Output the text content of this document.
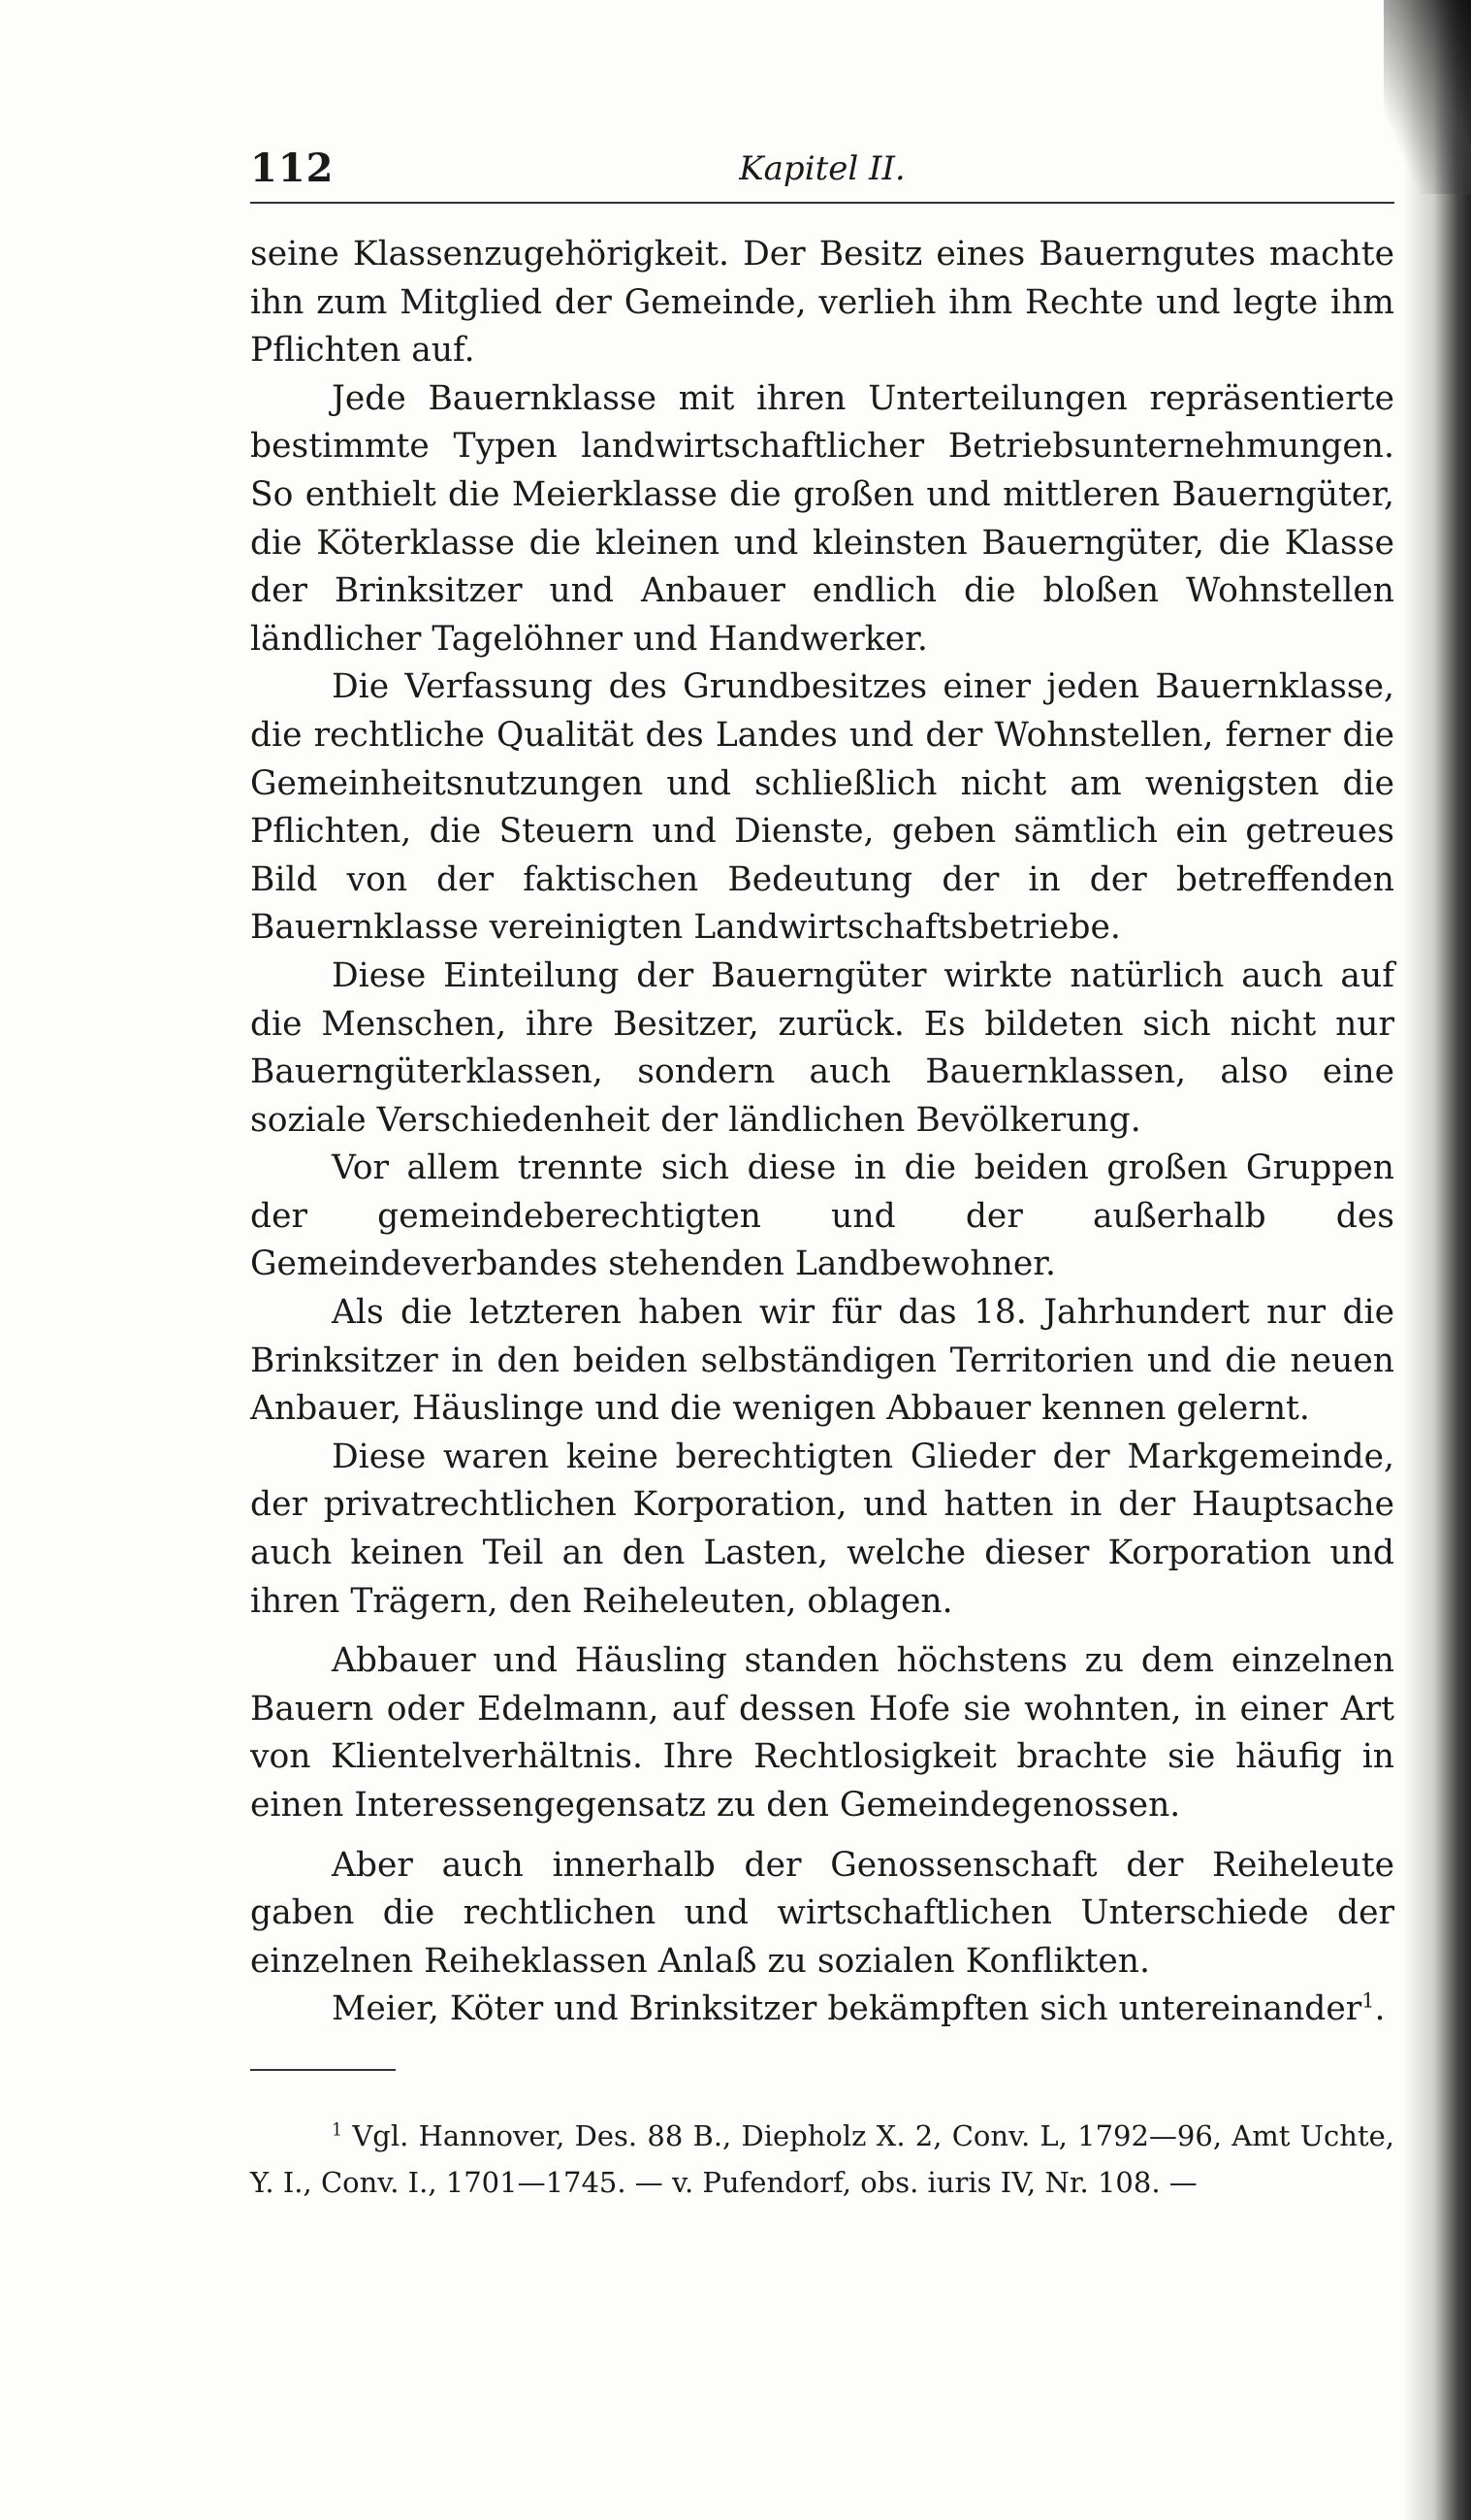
112	Kapitel II.

seine Klassenzugehörigkeit. Der Besitz eines Bauerngutes machte ihn zum Mitglied der Gemeinde, verlieh ihm Rechte und legte ihm Pflichten auf.

Jede Bauernklasse mit ihren Unterteilungen repräsentierte bestimmte Typen landwirtschaftlicher Betriebsunternehmungen. So enthielt die Meierklasse die großen und mittleren Bauerngüter, die Köterklasse die kleinen und kleinsten Bauerngüter, die Klasse der Brinksitzer und Anbauer endlich die bloßen Wohnstellen ländlicher Tagelöhner und Handwerker.

Die Verfassung des Grundbesitzes einer jeden Bauernklasse, die rechtliche Qualität des Landes und der Wohnstellen, ferner die Gemeinheitsnutzungen und schließlich nicht am wenigsten die Pflichten, die Steuern und Dienste, geben sämtlich ein getreues Bild von der faktischen Bedeutung der in der betreffenden Bauernklasse vereinigten Landwirtschaftsbetriebe.

Diese Einteilung der Bauerngüter wirkte natürlich auch auf die Menschen, ihre Besitzer, zurück. Es bildeten sich nicht nur Bauerngüterklassen, sondern auch Bauernklassen, also eine soziale Verschiedenheit der ländlichen Bevölkerung.

Vor allem trennte sich diese in die beiden großen Gruppen der gemeindeberechtigten und der außerhalb des Gemeindeverbandes stehenden Landbewohner.

Als die letzteren haben wir für das 18. Jahrhundert nur die Brinksitzer in den beiden selbständigen Territorien und die neuen Anbauer, Häuslinge und die wenigen Abbauer kennen gelernt.

Diese waren keine berechtigten Glieder der Markgemeinde, der privatrechtlichen Korporation, und hatten in der Hauptsache auch keinen Teil an den Lasten, welche dieser Korporation und ihren Trägern, den Reiheleuten, oblagen.

Abbauer und Häusling standen höchstens zu dem einzelnen Bauern oder Edelmann, auf dessen Hofe sie wohnten, in einer Art von Klientelverhältnis. Ihre Rechtlosigkeit brachte sie häufig in einen Interessengegensatz zu den Gemeindegenossen.

Aber auch innerhalb der Genossenschaft der Reiheleute gaben die rechtlichen und wirtschaftlichen Unterschiede der einzelnen Reiheklassen Anlaß zu sozialen Konflikten.

Meier, Köter und Brinksitzer bekämpften sich untereinander$^1$.

$^1$ Vgl. Hannover, Des. 88 B., Diepholz X. 2, Conv. L, 1792—96, Amt Uchte, Y. I., Conv. I., 1701—1745. — v. Pufendorf, obs. iuris IV, Nr. 108. —
